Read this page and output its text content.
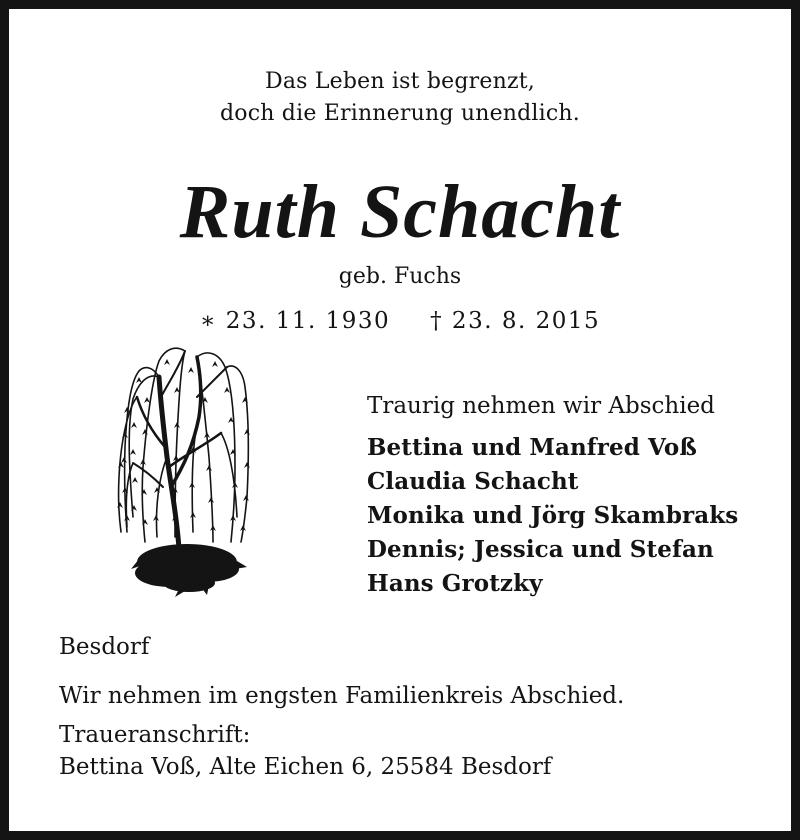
Das Leben ist begrenzt,
doch die Erinnerung unendlich.
Ruth Schacht
geb. Fuchs
∗ 23. 11. 1930 † 23. 8. 2015
Traurig nehmen wir Abschied
Bettina und Manfred Voß
Claudia Schacht
Monika und Jörg Skambraks
Dennis; Jessica und Stefan
Hans Grotzky
Besdorf
Wir nehmen im engsten Familienkreis Abschied.
Traueranschrift:
Bettina Voß, Alte Eichen 6, 25584 Besdorf
